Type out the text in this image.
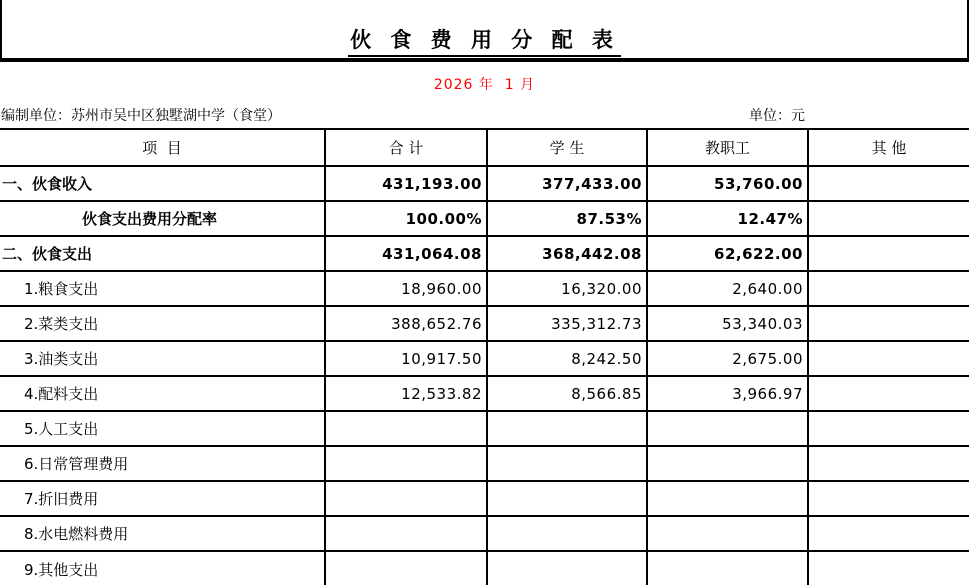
伙 食 费 用 分 配 表
2026 年  1 月
编制单位：苏州市吴中区独墅湖中学（食堂）	单位：元
项  目	合 计	学 生	教职工	其 他
一、伙食收入	431,193.00	377,433.00	53,760.00	
伙食支出费用分配率	100.00%	87.53%	12.47%	
二、伙食支出	431,064.08	368,442.08	62,622.00	
1.粮食支出	18,960.00	16,320.00	2,640.00	
2.菜类支出	388,652.76	335,312.73	53,340.03	
3.油类支出	10,917.50	8,242.50	2,675.00	
4.配料支出	12,533.82	8,566.85	3,966.97	
5.人工支出				
6.日常管理费用				
7.折旧费用				
8.水电燃料费用				
9.其他支出				
